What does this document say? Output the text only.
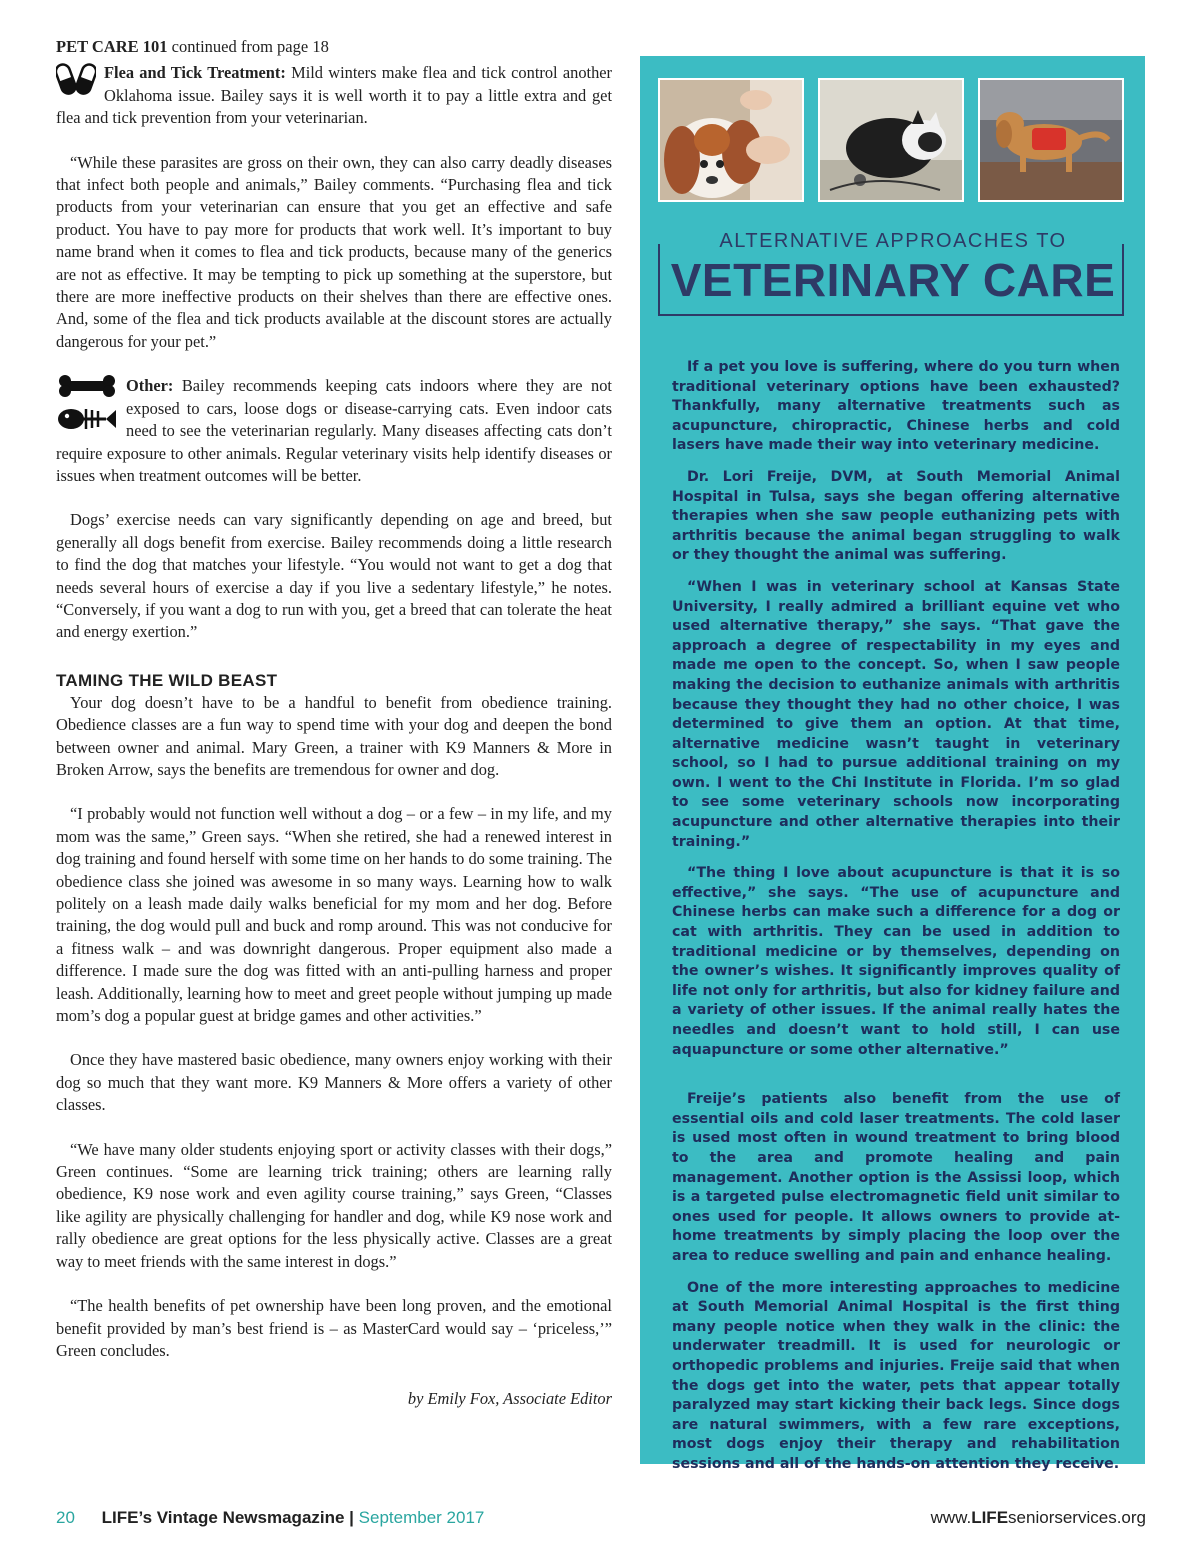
PET CARE 101 continued from page 18

Flea and Tick Treatment: Mild winters make flea and tick control another Oklahoma issue. Bailey says it is well worth it to pay a little extra and get flea and tick prevention from your veterinarian.

“While these parasites are gross on their own, they can also carry deadly diseases that infect both people and animals,” Bailey comments. “Purchasing flea and tick products from your veterinarian can ensure that you get an effective and safe product. You have to pay more for products that work well. It’s important to buy name brand when it comes to flea and tick products, because many of the generics are not as effective. It may be tempting to pick up something at the superstore, but there are more ineffective products on their shelves than there are effective ones. And, some of the flea and tick products available at the discount stores are actually dangerous for your pet.”

Other: Bailey recommends keeping cats indoors where they are not exposed to cars, loose dogs or disease-carrying cats. Even indoor cats need to see the veterinarian regularly. Many diseases affecting cats don’t require exposure to other animals. Regular veterinary visits help identify diseases or issues when treatment outcomes will be better.

Dogs’ exercise needs can vary significantly depending on age and breed, but generally all dogs benefit from exercise. Bailey recommends doing a little research to find the dog that matches your lifestyle. “You would not want to get a dog that needs several hours of exercise a day if you live a sedentary lifestyle,” he notes. “Conversely, if you want a dog to run with you, get a breed that can tolerate the heat and energy exertion.”

TAMING THE WILD BEAST

Your dog doesn’t have to be a handful to benefit from obedience training. Obedience classes are a fun way to spend time with your dog and deepen the bond between owner and animal. Mary Green, a trainer with K9 Manners & More in Broken Arrow, says the benefits are tremendous for owner and dog.

“I probably would not function well without a dog – or a few – in my life, and my mom was the same,” Green says. “When she retired, she had a renewed interest in dog training and found herself with some time on her hands to do some training. The obedience class she joined was awesome in so many ways. Learning how to walk politely on a leash made daily walks beneficial for my mom and her dog. Before training, the dog would pull and buck and romp around. This was not conducive for a fitness walk – and was downright dangerous. Proper equipment also made a difference. I made sure the dog was fitted with an anti-pulling harness and proper leash. Additionally, learning how to meet and greet people without jumping up made mom’s dog a popular guest at bridge games and other activities.”

Once they have mastered basic obedience, many owners enjoy working with their dog so much that they want more. K9 Manners & More offers a variety of other classes.

“We have many older students enjoying sport or activity classes with their dogs,” Green continues. “Some are learning trick training; others are learning rally obedience, K9 nose work and even agility course training,” says Green, “Classes like agility are physically challenging for handler and dog, while K9 nose work and rally obedience are great options for the less physically active. Classes are a great way to meet friends with the same interest in dogs.”

“The health benefits of pet ownership have been long proven, and the emotional benefit provided by man’s best friend is – as MasterCard would say – ‘priceless,’” Green concludes.

by Emily Fox, Associate Editor
ALTERNATIVE APPROACHES TO
VETERINARY CARE

If a pet you love is suffering, where do you turn when traditional veterinary options have been exhausted? Thankfully, many alternative treatments such as acupuncture, chiropractic, Chinese herbs and cold lasers have made their way into veterinary medicine.

Dr. Lori Freije, DVM, at South Memorial Animal Hospital in Tulsa, says she began offering alternative therapies when she saw people euthanizing pets with arthritis because the animal began struggling to walk or they thought the animal was suffering.

“When I was in veterinary school at Kansas State University, I really admired a brilliant equine vet who used alternative therapy,” she says. “That gave the approach a degree of respectability in my eyes and made me open to the concept. So, when I saw people making the decision to euthanize animals with arthritis because they thought they had no other choice, I was determined to give them an option. At that time, alternative medicine wasn’t taught in veterinary school, so I had to pursue additional training on my own. I went to the Chi Institute in Florida. I’m so glad to see some veterinary schools now incorporating acupuncture and other alternative therapies into their training.”

“The thing I love about acupuncture is that it is so effective,” she says. “The use of acupuncture and Chinese herbs can make such a difference for a dog or cat with arthritis. They can be used in addition to traditional medicine or by themselves, depending on the owner’s wishes. It significantly improves quality of life not only for arthritis, but also for kidney failure and a variety of other issues. If the animal really hates the needles and doesn’t want to hold still, I can use aquapuncture or some other alternative.”

Freije’s patients also benefit from the use of essential oils and cold laser treatments. The cold laser is used most often in wound treatment to bring blood to the area and promote healing and pain management. Another option is the Assissi loop, which is a targeted pulse electromagnetic field unit similar to ones used for people. It allows owners to provide at-home treatments by simply placing the loop over the area to reduce swelling and pain and enhance healing.

One of the more interesting approaches to medicine at South Memorial Animal Hospital is the first thing many people notice when they walk in the clinic: the underwater treadmill. It is used for neurologic or orthopedic problems and injuries. Freije said that when the dogs get into the water, pets that appear totally paralyzed may start kicking their back legs. Since dogs are natural swimmers, with a few rare exceptions, most dogs enjoy their therapy and rehabilitation sessions and all of the hands-on attention they receive.

20 LIFE’s Vintage Newsmagazine | September 2017	www.LIFEseniorservices.org
